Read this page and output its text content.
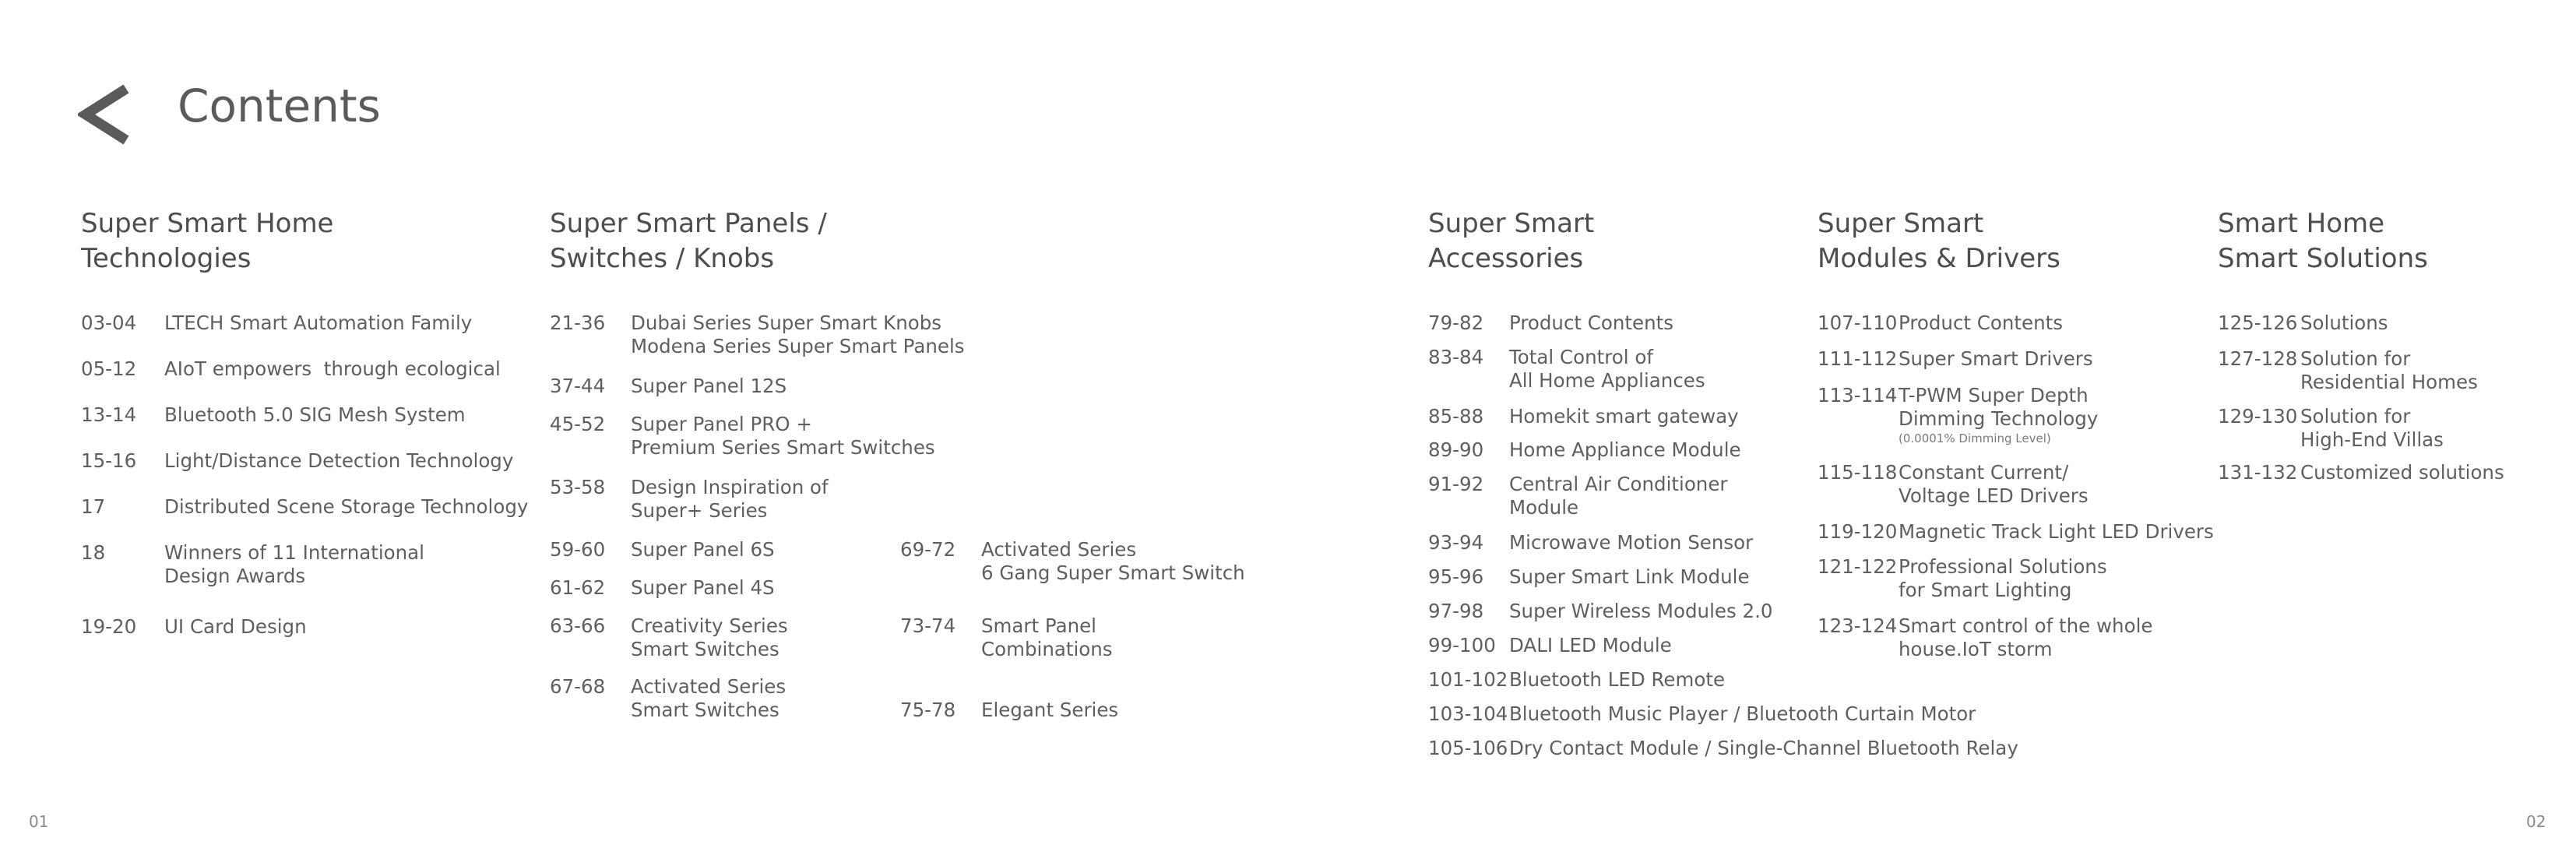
Contents
Super Smart Home
Technologies
Super Smart Panels /
Switches / Knobs
Super Smart
Accessories
Super Smart
Modules & Drivers
Smart Home
Smart Solutions
01	02
03-04 LTECH Smart Automation Family
05-12 AIoT empowers  through ecological
13-14 Bluetooth 5.0 SIG Mesh System
15-16 Light/Distance Detection Technology
17	Distributed Scene Storage Technology
18	Winners of 11 International
Design Awards
19-20 UI Card Design
21-36 Dubai Series Super Smart Knobs
Modena Series Super Smart Panels
37-44 Super Panel 12S
45-52 Super Panel PRO +
Premium Series Smart Switches
53-58 Design Inspiration of
Super+ Series
59-60 Super Panel 6S
61-62 Super Panel 4S
63-66 Creativity Series
Smart Switches
67-68 Activated Series
Smart Switches
69-72 Activated Series
6 Gang Super Smart Switch
73-74 Smart Panel
Combinations
75-78 Elegant Series
79-82 Product Contents
83-84 Total Control of
All Home Appliances
85-88 Homekit smart gateway
89-90 Home Appliance Module
91-92 Central Air Conditioner
Module
93-94 Microwave Motion Sensor
95-96 Super Smart Link Module
97-98 Super Wireless Modules 2.0
99-100 DALI LED Module
101-102 Bluetooth LED Remote
103-104 Bluetooth Music Player / Bluetooth Curtain Motor
105-106 Dry Contact Module / Single-Channel Bluetooth Relay
107-110 Product Contents
111-112 Super Smart Drivers
113-114 T-PWM Super Depth
Dimming Technology
(0.0001% Dimming Level)
115-118 Constant Current/
Voltage LED Drivers
119-120 Magnetic Track Light LED Drivers
121-122 Professional Solutions
for Smart Lighting
123-124 Smart control of the whole
house.IoT storm
125-126 Solutions
127-128 Solution for
Residential Homes
129-130 Solution for
High-End Villas
131-132 Customized solutions
